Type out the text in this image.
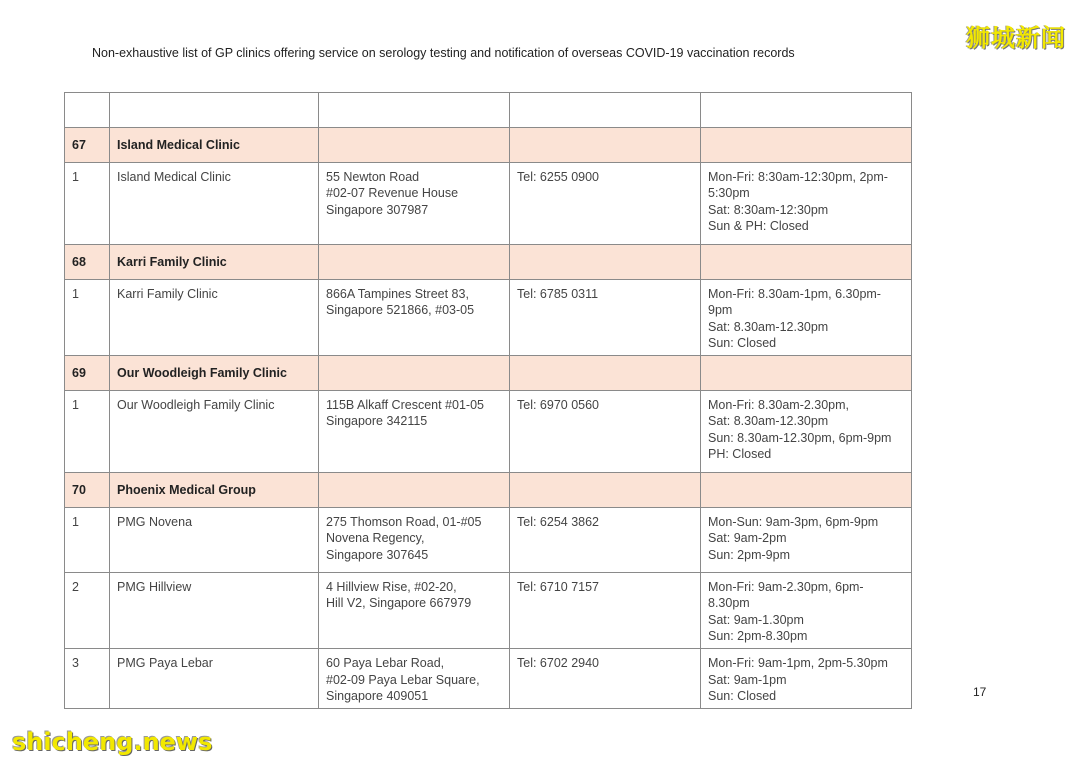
Non-exhaustive list of GP clinics offering service on serology testing and notification of overseas COVID-19 vaccination records
狮城新闻

67	Island Medical Clinic			
1	Island Medical Clinic	55 Newton Road
#02-07 Revenue House
Singapore 307987	Tel: 6255 0900	Mon-Fri: 8:30am-12:30pm, 2pm-
5:30pm
Sat: 8:30am-12:30pm
Sun & PH: Closed
68	Karri Family Clinic			
1	Karri Family Clinic	866A Tampines Street 83,
Singapore 521866, #03-05	Tel: 6785 0311	Mon-Fri: 8.30am-1pm, 6.30pm-9pm
Sat: 8.30am-12.30pm
Sun: Closed
69	Our Woodleigh Family Clinic			
1	Our Woodleigh Family Clinic	115B Alkaff Crescent #01-05
Singapore 342115	Tel: 6970 0560	Mon-Fri: 8.30am-2.30pm,
Sat: 8.30am-12.30pm
Sun: 8.30am-12.30pm, 6pm-9pm
PH: Closed
70	Phoenix Medical Group			
1	PMG Novena	275 Thomson Road, 01-#05
Novena Regency,
Singapore 307645	Tel: 6254 3862	Mon-Sun: 9am-3pm, 6pm-9pm
Sat: 9am-2pm
Sun: 2pm-9pm
2	PMG Hillview	4 Hillview Rise, #02-20,
Hill V2, Singapore 667979	Tel: 6710 7157	Mon-Fri: 9am-2.30pm, 6pm-8.30pm
Sat: 9am-1.30pm
Sun: 2pm-8.30pm
3	PMG Paya Lebar	60 Paya Lebar Road,
#02-09 Paya Lebar Square,
Singapore 409051	Tel: 6702 2940	Mon-Fri: 9am-1pm, 2pm-5.30pm
Sat: 9am-1pm
Sun: Closed	17
shicheng.news
